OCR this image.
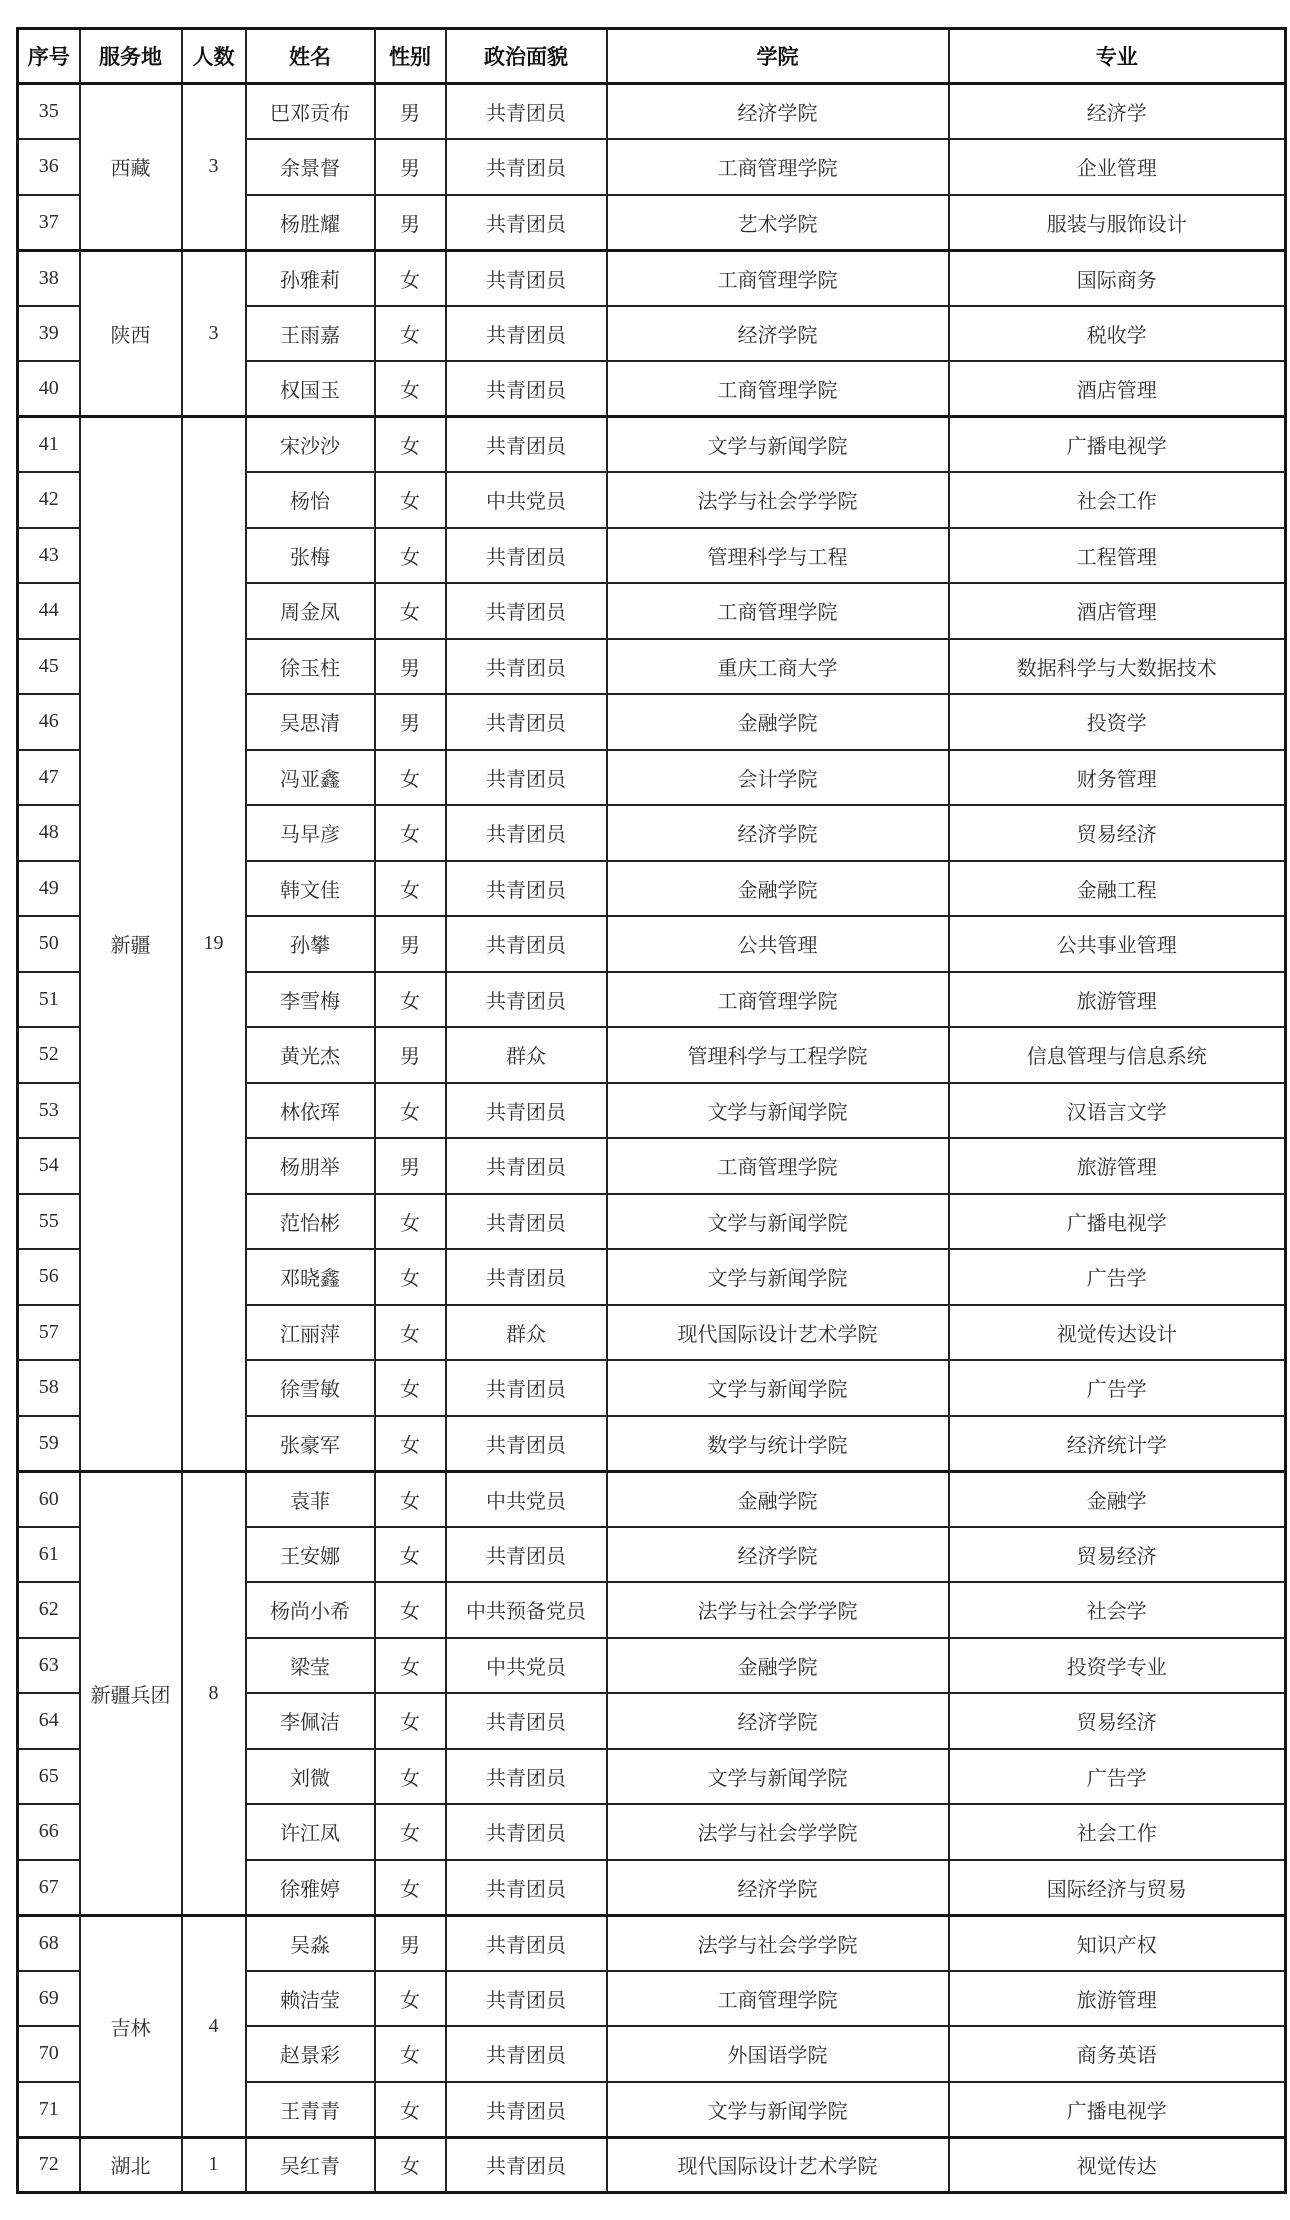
序号	服务地	人数	姓名	性别	政治面貌	学院	专业
35	西藏	3	巴邓贡布	男	共青团员	经济学院	经济学
36			余景督	男	共青团员	工商管理学院	企业管理
37			杨胜耀	男	共青团员	艺术学院	服装与服饰设计
38	陕西	3	孙雅莉	女	共青团员	工商管理学院	国际商务
39			王雨嘉	女	共青团员	经济学院	税收学
40			权国玉	女	共青团员	工商管理学院	酒店管理
41	新疆	19	宋沙沙	女	共青团员	文学与新闻学院	广播电视学
42			杨怡	女	中共党员	法学与社会学学院	社会工作
43			张梅	女	共青团员	管理科学与工程	工程管理
44			周金凤	女	共青团员	工商管理学院	酒店管理
45			徐玉柱	男	共青团员	重庆工商大学	数据科学与大数据技术
46			吴思清	男	共青团员	金融学院	投资学
47			冯亚鑫	女	共青团员	会计学院	财务管理
48			马早彦	女	共青团员	经济学院	贸易经济
49			韩文佳	女	共青团员	金融学院	金融工程
50			孙攀	男	共青团员	公共管理	公共事业管理
51			李雪梅	女	共青团员	工商管理学院	旅游管理
52			黄光杰	男	群众	管理科学与工程学院	信息管理与信息系统
53			林依珲	女	共青团员	文学与新闻学院	汉语言文学
54			杨朋举	男	共青团员	工商管理学院	旅游管理
55			范怡彬	女	共青团员	文学与新闻学院	广播电视学
56			邓晓鑫	女	共青团员	文学与新闻学院	广告学
57			江丽萍	女	群众	现代国际设计艺术学院	视觉传达设计
58			徐雪敏	女	共青团员	文学与新闻学院	广告学
59			张豪军	女	共青团员	数学与统计学院	经济统计学
60	新疆兵团	8	袁菲	女	中共党员	金融学院	金融学
61			王安娜	女	共青团员	经济学院	贸易经济
62			杨尚小希	女	中共预备党员	法学与社会学学院	社会学
63			梁莹	女	中共党员	金融学院	投资学专业
64			李佩洁	女	共青团员	经济学院	贸易经济
65			刘微	女	共青团员	文学与新闻学院	广告学
66			许江凤	女	共青团员	法学与社会学学院	社会工作
67			徐雅婷	女	共青团员	经济学院	国际经济与贸易
68	吉林	4	吴淼	男	共青团员	法学与社会学学院	知识产权
69			赖洁莹	女	共青团员	工商管理学院	旅游管理
70			赵景彩	女	共青团员	外国语学院	商务英语
71			王青青	女	共青团员	文学与新闻学院	广播电视学
72	湖北	1	吴红青	女	共青团员	现代国际设计艺术学院	视觉传达
